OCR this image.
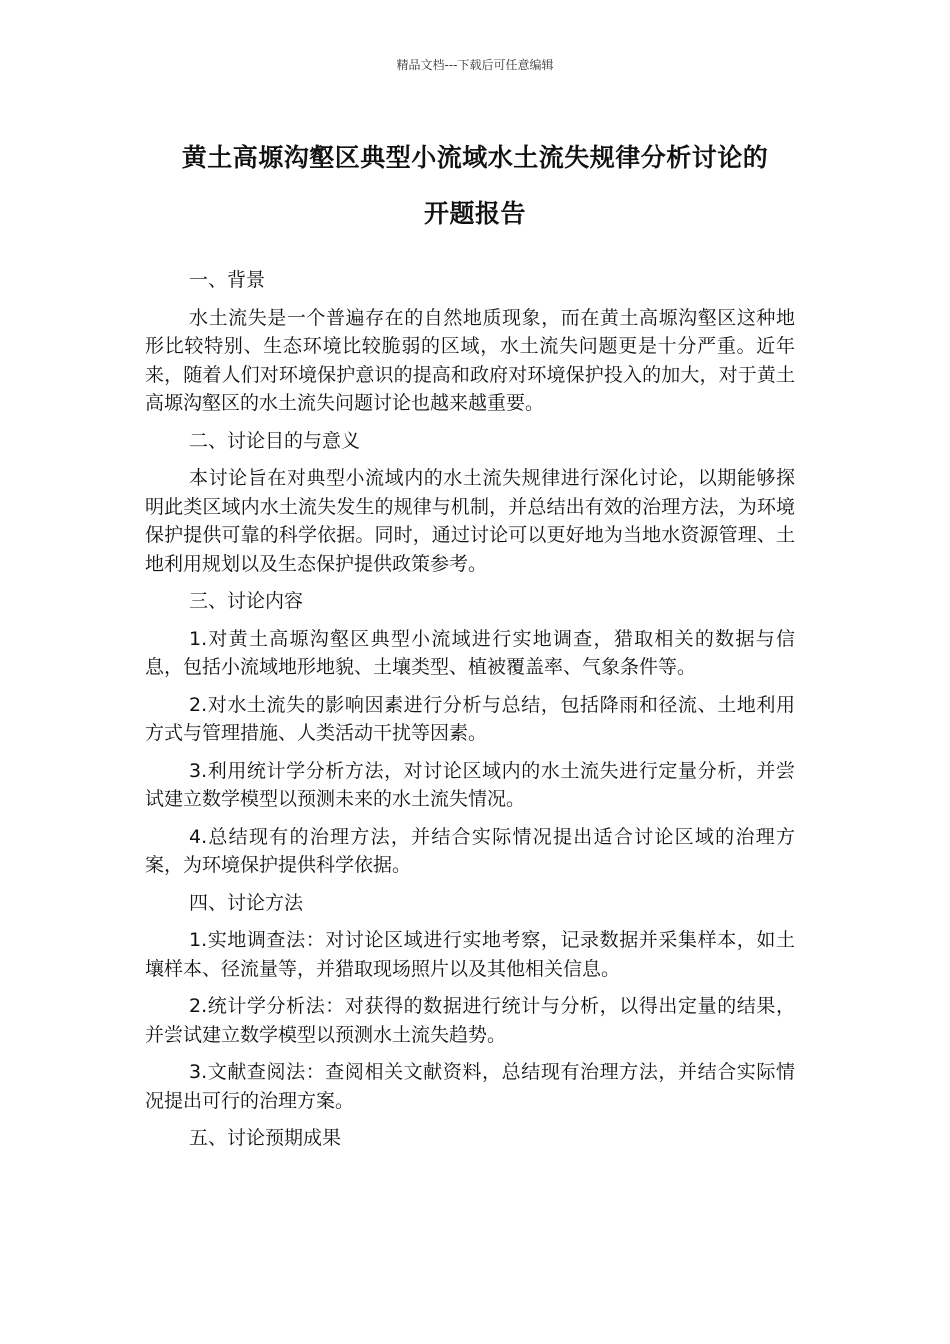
精品文档---下载后可任意编辑
黄土高塬沟壑区典型小流域水土流失规律分析讨论的
开题报告
一、背景

水土流失是一个普遍存在的自然地质现象，而在黄土高塬沟壑区这种地形比较特别、生态环境比较脆弱的区域，水土流失问题更是十分严重。近年来，随着人们对环境保护意识的提高和政府对环境保护投入的加大，对于黄土高塬沟壑区的水土流失问题讨论也越来越重要。

二、讨论目的与意义

本讨论旨在对典型小流域内的水土流失规律进行深化讨论，以期能够探明此类区域内水土流失发生的规律与机制，并总结出有效的治理方法，为环境保护提供可靠的科学依据。同时，通过讨论可以更好地为当地水资源管理、土地利用规划以及生态保护提供政策参考。

三、讨论内容

1.对黄土高塬沟壑区典型小流域进行实地调查，猎取相关的数据与信息，包括小流域地形地貌、土壤类型、植被覆盖率、气象条件等。

2.对水土流失的影响因素进行分析与总结，包括降雨和径流、土地利用方式与管理措施、人类活动干扰等因素。

3.利用统计学分析方法，对讨论区域内的水土流失进行定量分析，并尝试建立数学模型以预测未来的水土流失情况。

4.总结现有的治理方法，并结合实际情况提出适合讨论区域的治理方案，为环境保护提供科学依据。

四、讨论方法

1.实地调查法：对讨论区域进行实地考察，记录数据并采集样本，如土壤样本、径流量等，并猎取现场照片以及其他相关信息。

2.统计学分析法：对获得的数据进行统计与分析，以得出定量的结果，并尝试建立数学模型以预测水土流失趋势。

3.文献查阅法：查阅相关文献资料，总结现有治理方法，并结合实际情况提出可行的治理方案。

五、讨论预期成果
